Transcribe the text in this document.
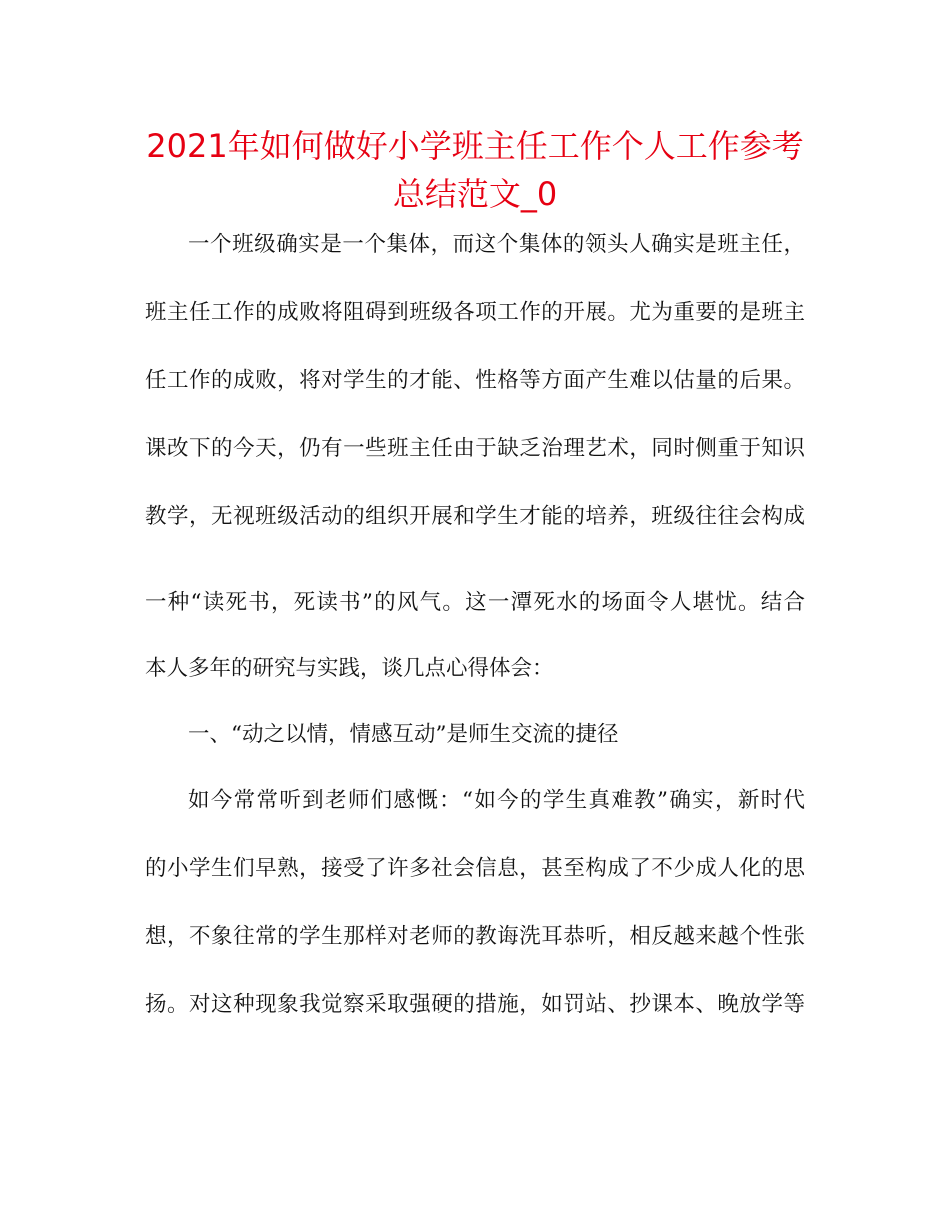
2021年如何做好小学班主任工作个人工作参考
总结范文_0
一个班级确实是一个集体，而这个集体的领头人确实是班主任，
班主任工作的成败将阻碍到班级各项工作的开展。尤为重要的是班主
任工作的成败，将对学生的才能、性格等方面产生难以估量的后果。
课改下的今天，仍有一些班主任由于缺乏治理艺术，同时侧重于知识
教学，无视班级活动的组织开展和学生才能的培养，班级往往会构成
一种“读死书，死读书”的风气。这一潭死水的场面令人堪忧。结合
本人多年的研究与实践，谈几点心得体会：
一、“动之以情，情感互动”是师生交流的捷径
如今常常听到老师们感慨：“如今的学生真难教”确实，新时代
的小学生们早熟，接受了许多社会信息，甚至构成了不少成人化的思
想，不象往常的学生那样对老师的教诲洗耳恭听，相反越来越个性张
扬。对这种现象我觉察采取强硬的措施，如罚站、抄课本、晚放学等
